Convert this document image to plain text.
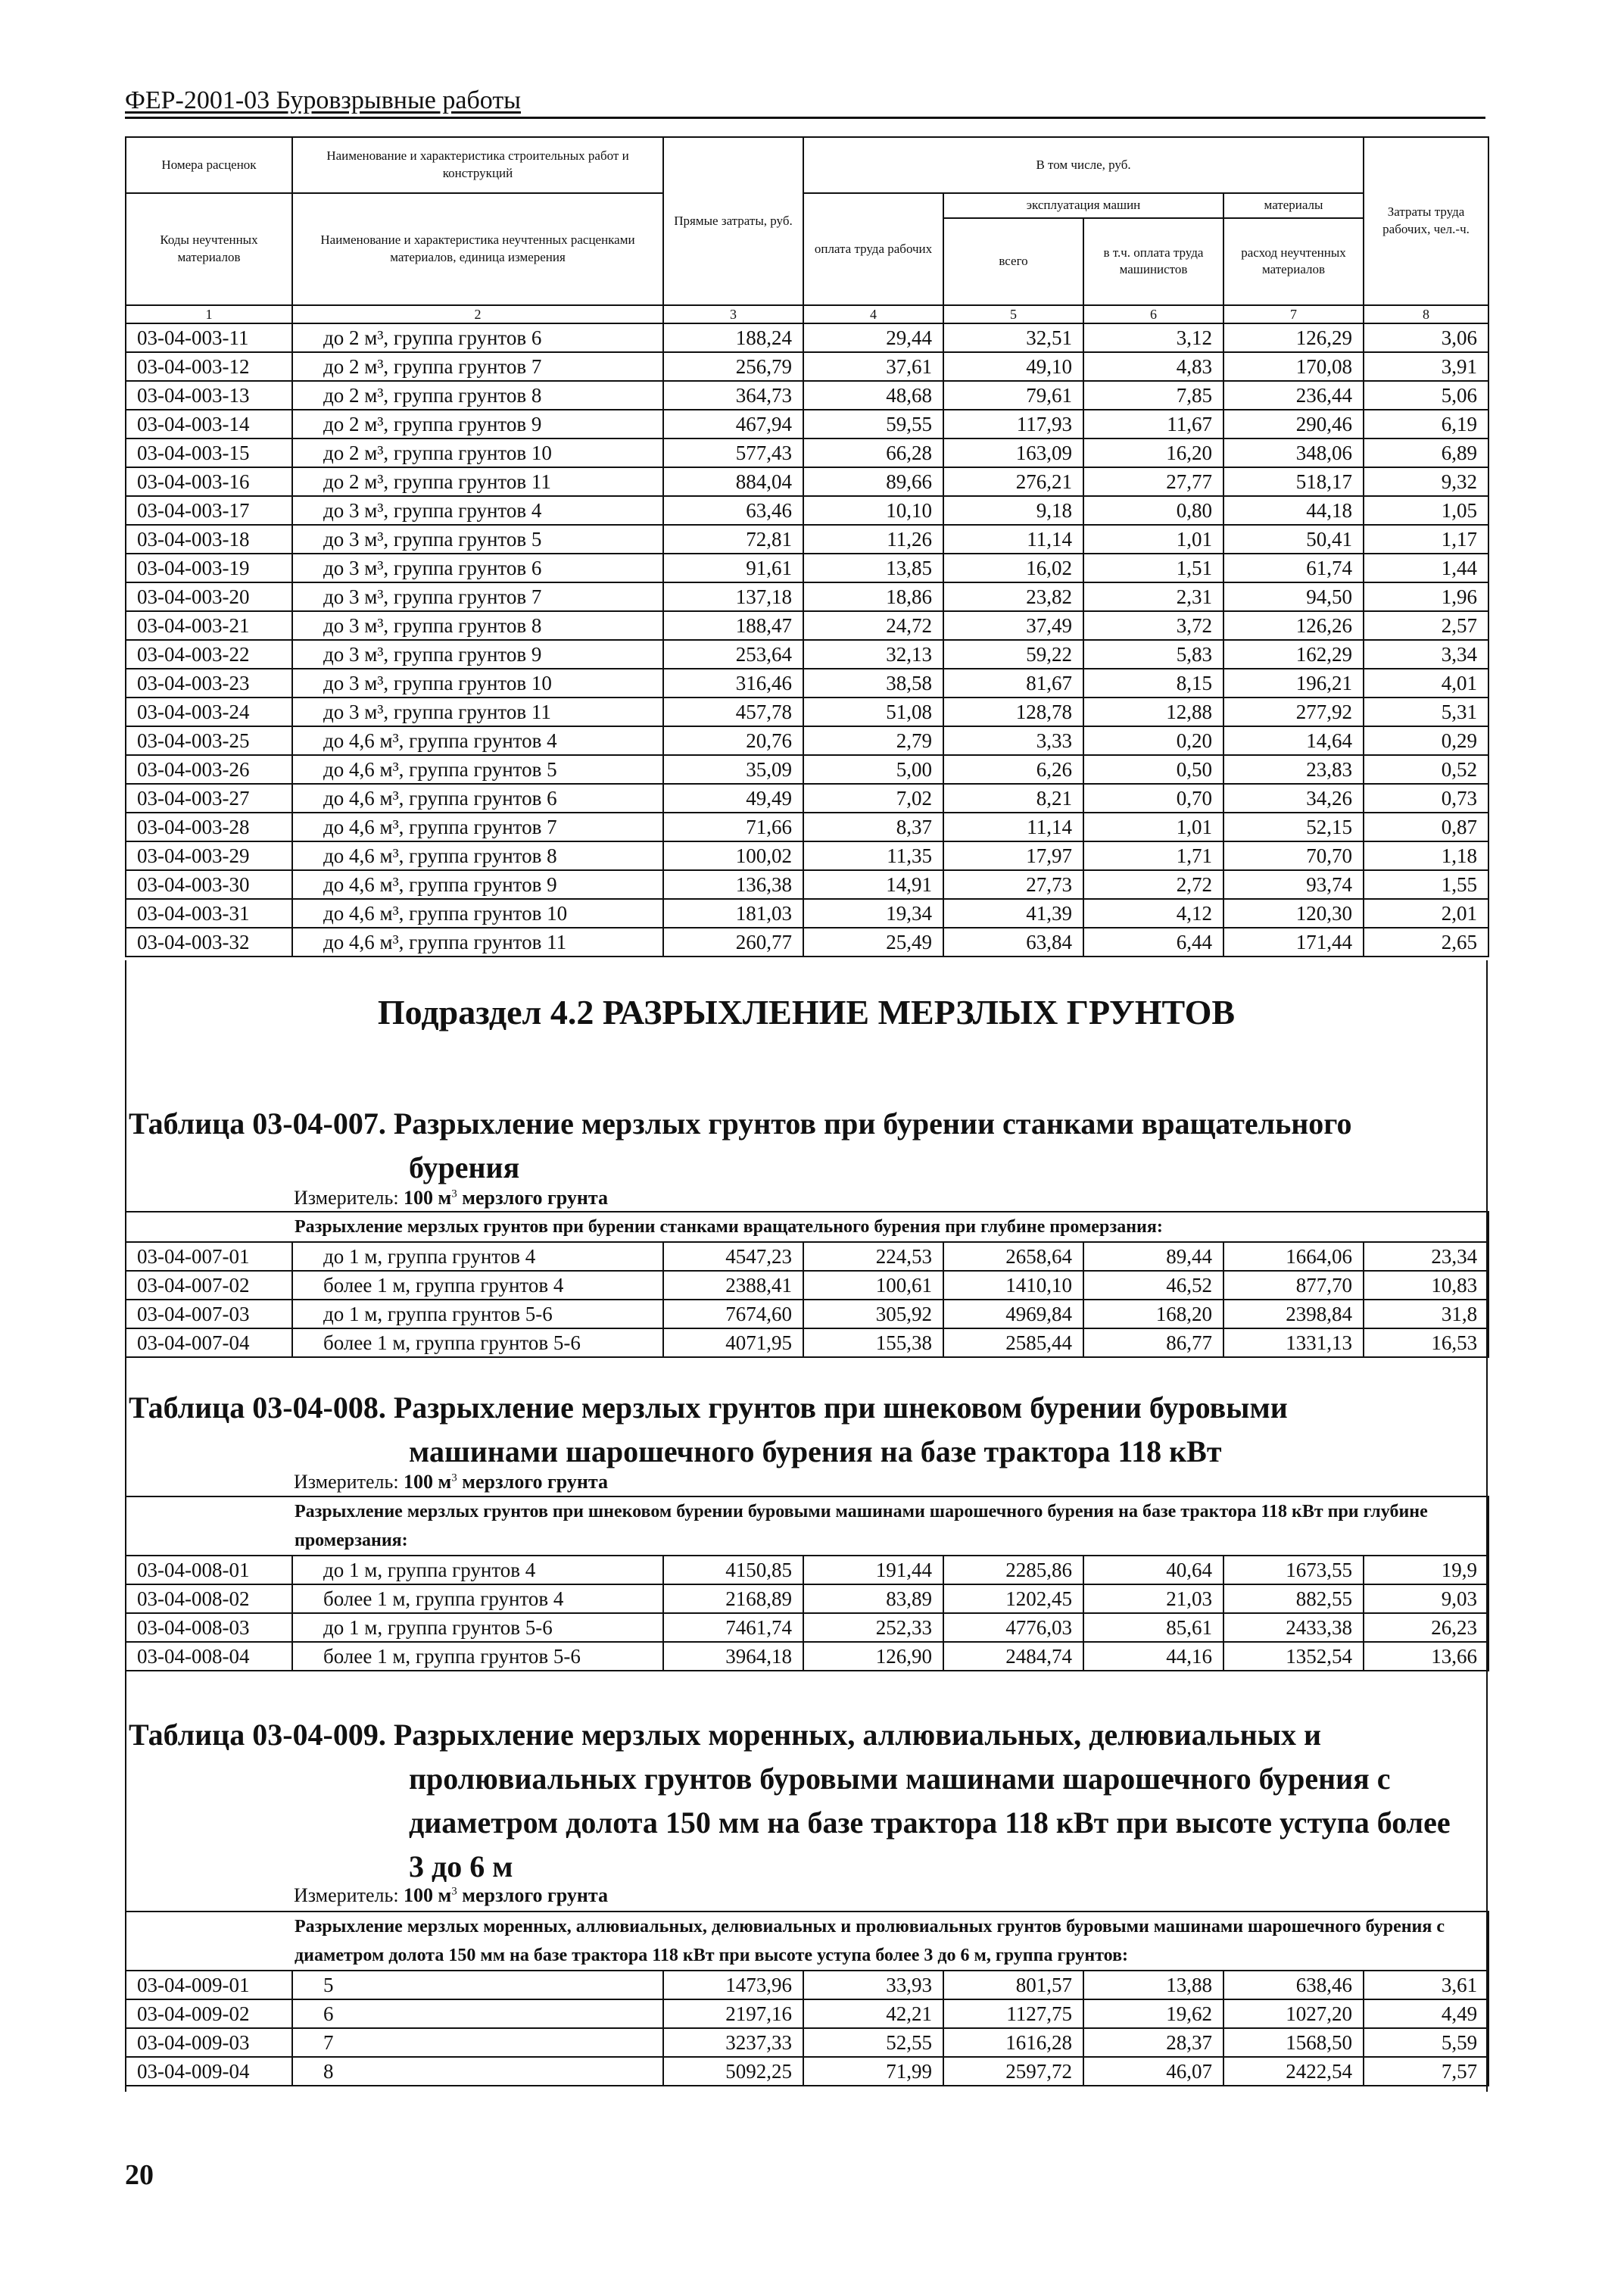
ФЕР-2001-03 Буровзрывные работы
Номера расценок	Наименование и характеристика строительных работ и конструкций	Прямые затраты, руб.	В том числе, руб.				Затраты труда рабочих, чел.-ч.
Коды неучтенных материалов	Наименование и характеристика неучтенных расценками материалов, единица измерения		оплата труда рабочих	эксплуатация машин		материалы	
				всего	в т.ч. оплата труда машинистов	расход неучтенных материалов	

1	2	3	4	5	6	7	8
03-04-003-11	до 2 м³, группа грунтов 6	188,24	29,44	32,51	3,12	126,29	3,06
03-04-003-12	до 2 м³, группа грунтов 7	256,79	37,61	49,10	4,83	170,08	3,91
03-04-003-13	до 2 м³, группа грунтов 8	364,73	48,68	79,61	7,85	236,44	5,06
03-04-003-14	до 2 м³, группа грунтов 9	467,94	59,55	117,93	11,67	290,46	6,19
03-04-003-15	до 2 м³, группа грунтов 10	577,43	66,28	163,09	16,20	348,06	6,89
03-04-003-16	до 2 м³, группа грунтов 11	884,04	89,66	276,21	27,77	518,17	9,32
03-04-003-17	до 3 м³, группа грунтов 4	63,46	10,10	9,18	0,80	44,18	1,05
03-04-003-18	до 3 м³, группа грунтов 5	72,81	11,26	11,14	1,01	50,41	1,17
03-04-003-19	до 3 м³, группа грунтов 6	91,61	13,85	16,02	1,51	61,74	1,44
03-04-003-20	до 3 м³, группа грунтов 7	137,18	18,86	23,82	2,31	94,50	1,96
03-04-003-21	до 3 м³, группа грунтов 8	188,47	24,72	37,49	3,72	126,26	2,57
03-04-003-22	до 3 м³, группа грунтов 9	253,64	32,13	59,22	5,83	162,29	3,34
03-04-003-23	до 3 м³, группа грунтов 10	316,46	38,58	81,67	8,15	196,21	4,01
03-04-003-24	до 3 м³, группа грунтов 11	457,78	51,08	128,78	12,88	277,92	5,31
03-04-003-25	до 4,6 м³, группа грунтов 4	20,76	2,79	3,33	0,20	14,64	0,29
03-04-003-26	до 4,6 м³, группа грунтов 5	35,09	5,00	6,26	0,50	23,83	0,52
03-04-003-27	до 4,6 м³, группа грунтов 6	49,49	7,02	8,21	0,70	34,26	0,73
03-04-003-28	до 4,6 м³, группа грунтов 7	71,66	8,37	11,14	1,01	52,15	0,87
03-04-003-29	до 4,6 м³, группа грунтов 8	100,02	11,35	17,97	1,71	70,70	1,18
03-04-003-30	до 4,6 м³, группа грунтов 9	136,38	14,91	27,73	2,72	93,74	1,55
03-04-003-31	до 4,6 м³, группа грунтов 10	181,03	19,34	41,39	4,12	120,30	2,01
03-04-003-32	до 4,6 м³, группа грунтов 11	260,77	25,49	63,84	6,44	171,44	2,65
Подраздел 4.2 РАЗРЫХЛЕНИЕ МЕРЗЛЫХ ГРУНТОВ
Таблица 03-04-007. Разрыхление мерзлых грунтов при бурении станками вращательного
бурения
Измеритель: 100 $м^3$ мерзлого грунта
Разрыхление мерзлых грунтов при бурении станками вращательного бурения при глубине промерзания:							
03-04-007-01	до 1 м, группа грунтов 4	4547,23	224,53	2658,64	89,44	1664,06	23,34
03-04-007-02	более 1 м, группа грунтов 4	2388,41	100,61	1410,10	46,52	877,70	10,83
03-04-007-03	до 1 м, группа грунтов 5-6	7674,60	305,92	4969,84	168,20	2398,84	31,8
03-04-007-04	более 1 м, группа грунтов 5-6	4071,95	155,38	2585,44	86,77	1331,13	16,53
Таблица 03-04-008. Разрыхление мерзлых грунтов при шнековом бурении буровыми
машинами шарошечного бурения на базе трактора 118 кВт
Измеритель: 100 $м^3$ мерзлого грунта
Разрыхление мерзлых грунтов при шнековом бурении буровыми машинами шарошечного бурения на базе трактора 118 кВт при глубине промерзания:							
03-04-008-01	до 1 м, группа грунтов 4	4150,85	191,44	2285,86	40,64	1673,55	19,9
03-04-008-02	более 1 м, группа грунтов 4	2168,89	83,89	1202,45	21,03	882,55	9,03
03-04-008-03	до 1 м, группа грунтов 5-6	7461,74	252,33	4776,03	85,61	2433,38	26,23
03-04-008-04	более 1 м, группа грунтов 5-6	3964,18	126,90	2484,74	44,16	1352,54	13,66
Таблица 03-04-009. Разрыхление мерзлых моренных, аллювиальных, делювиальных и
пролювиальных грунтов буровыми машинами шарошечного бурения с диаметром долота 150 мм на базе трактора 118 кВт при высоте уступа более 3 до 6 м
Измеритель: 100 $м^3$ мерзлого грунта
Разрыхление мерзлых моренных, аллювиальных, делювиальных и пролювиальных грунтов буровыми машинами шарошечного бурения с диаметром долота 150 мм на базе трактора 118 кВт при высоте уступа более 3 до 6 м, группа грунтов:							
03-04-009-01	5	1473,96	33,93	801,57	13,88	638,46	3,61
03-04-009-02	6	2197,16	42,21	1127,75	19,62	1027,20	4,49
03-04-009-03	7	3237,33	52,55	1616,28	28,37	1568,50	5,59
03-04-009-04	8	5092,25	71,99	2597,72	46,07	2422,54	7,57
20
